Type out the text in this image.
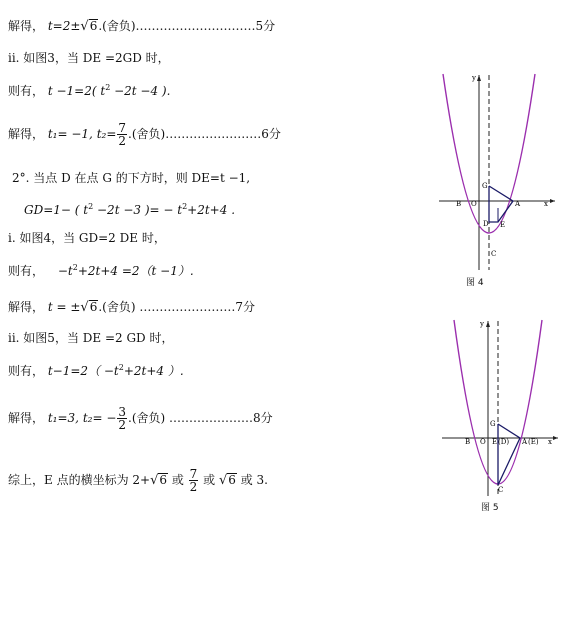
解得， t=2±√6.(舍负)…………………………5分
ii. 如图3，当 DE =2GD 时，
则有， t −1=2( $t^2 -2t -4$ ).
解得， t₁= −1, $t_2= \frac{7}{2}$ .(舍负)……………………6分
2°. 当点 D 在点 G 的下方时，则 DE=t −1,
GD=1− ( $t^2 -2t -3$ )= − $t^2+2t+4$ .
i. 如图4，当 GD=2 DE 时，
则有， $-t^2+2t+4 =2(t -1)$.
解得， t = ±√6.(舍负) ……………………7分
ii. 如图5，当 DE =2 GD 时，
则有， $t-1=2( -t^2+2t+4$ ）.
解得， t₁=3, $t_2= - \frac{3}{2}$ .(舍负) …………………8分
综上，E 点的横坐标为 2+√6 或 $\frac{7}{2}$ 或 √6 或 3.
G
B O	A
D E
C
x
y
图 4
G
B O E (D) A (E)
C
x
y
图 5
